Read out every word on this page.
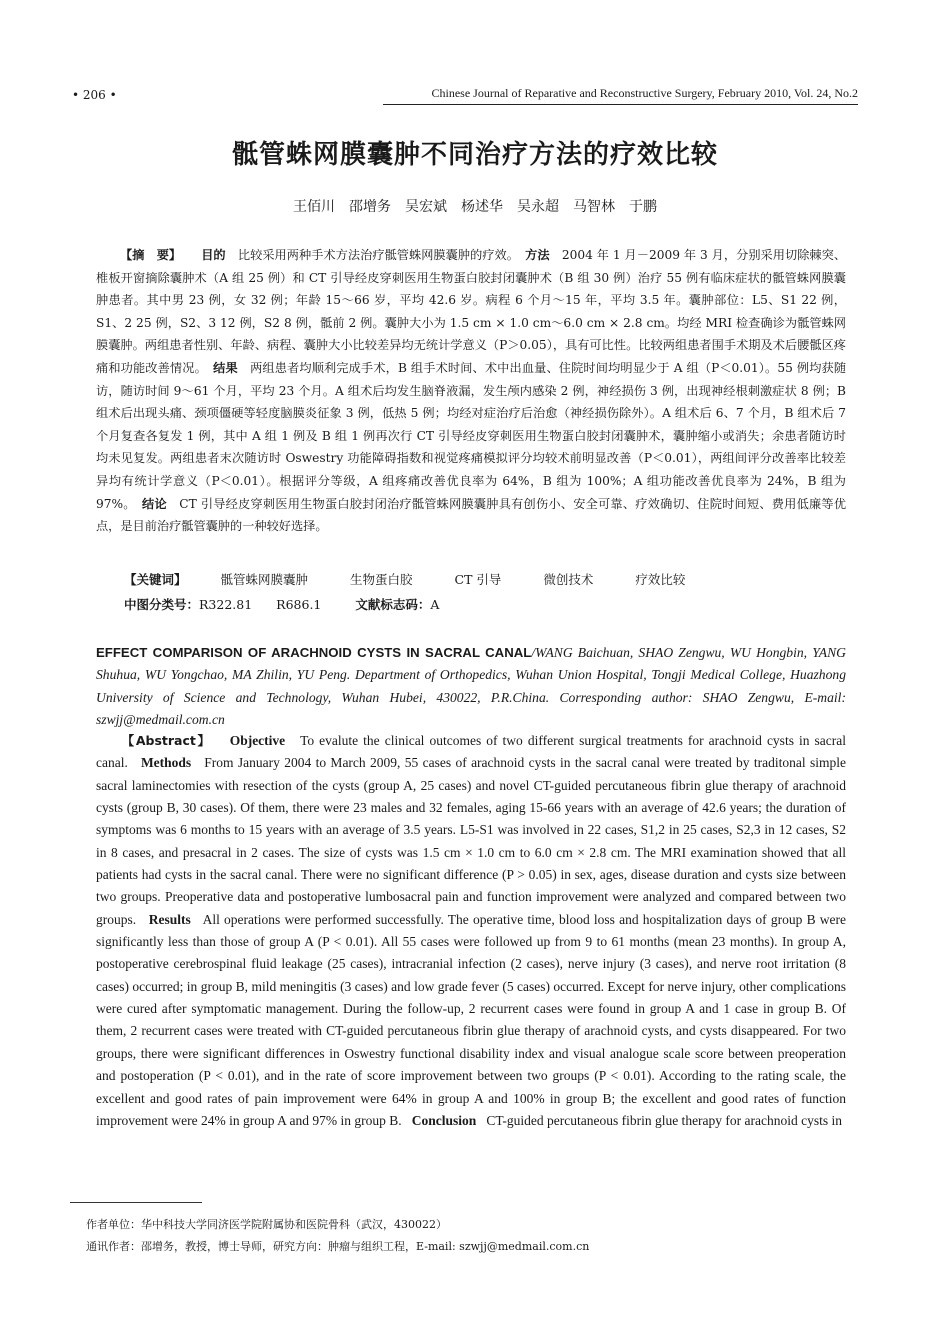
• 206 •	Chinese Journal of Reparative and Reconstructive Surgery, February 2010, Vol. 24, No.2
骶管蛛网膜囊肿不同治疗方法的疗效比较
王佰川　邵增务　吴宏斌　杨述华　吴永超　马智林　于鹏
【摘　要】 目的　 比较采用两种手术方法治疗骶管蛛网膜囊肿的疗效。　 方法　 2004 年 1 月－2009 年 3 月，分别采用切除棘突、椎板开窗摘除囊肿术（A 组 25 例）和 CT 引导经皮穿刺医用生物蛋白胶封闭囊肿术（B 组 30 例）治疗 55 例有临床症状的骶管蛛网膜囊肿患者。其中男 23 例，女 32 例；年龄 15～66 岁，平均 42.6 岁。病程 6 个月～15 年，平均 3.5 年。囊肿部位：L5、S1 22 例，S1、2 25 例，S2、3 12 例，S2 8 例，骶前 2 例。囊肿大小为 1.5 cm × 1.0 cm～6.0 cm × 2.8 cm。均经 MRI 检查确诊为骶管蛛网膜囊肿。两组患者性别、年龄、病程、囊肿大小比较差异均无统计学意义（P＞0.05），具有可比性。比较两组患者围手术期及术后腰骶区疼痛和功能改善情况。　 结果　 两组患者均顺利完成手术，B 组手术时间、术中出血量、住院时间均明显少于 A 组（P＜0.01）。55 例均获随访，随访时间 9～61 个月，平均 23 个月。A 组术后均发生脑脊液漏，发生颅内感染 2 例，神经损伤 3 例，出现神经根刺激症状 8 例；B 组术后出现头痛、颈项僵硬等轻度脑膜炎征象 3 例，低热 5 例；均经对症治疗后治愈（神经损伤除外）。A 组术后 6、7 个月，B 组术后 7 个月复查各复发 1 例，其中 A 组 1 例及 B 组 1 例再次行 CT 引导经皮穿刺医用生物蛋白胶封闭囊肿术，囊肿缩小或消失；余患者随访时均未见复发。两组患者末次随访时 Oswestry 功能障碍指数和视觉疼痛模拟评分均较术前明显改善（P＜0.01），两组间评分改善率比较差异均有统计学意义（P＜0.01）。根据评分等级，A 组疼痛改善优良率为 64%，B 组为 100%；A 组功能改善优良率为 24%，B 组为 97%。　 结论　 CT 引导经皮穿刺医用生物蛋白胶封闭治疗骶管蛛网膜囊肿具有创伤小、安全可靠、疗效确切、住院时间短、费用低廉等优点，是目前治疗骶管囊肿的一种较好选择。
【关键词】	骶管蛛网膜囊肿	生物蛋白胶	CT 引导	微创技术	疗效比较
中图分类号：R322.81 R686.1	文献标志码：A
EFFECT COMPARISON OF ARACHNOID CYSTS IN SACRAL CANAL/WANG Baichuan, SHAO Zengwu, WU Hongbin, YANG Shuhua, WU Yongchao, MA Zhilin, YU Peng. Department of Orthopedics, Wuhan Union Hospital, Tongji Medical College, Huazhong University of Science and Technology, Wuhan Hubei, 430022, P.R.China. Corresponding author: SHAO Zengwu, E-mail: szwjj@medmail.com.cn
【Abstract】 Objective To evalute the clinical outcomes of two different surgical treatments for arachnoid cysts in sacral canal. Methods From January 2004 to March 2009, 55 cases of arachnoid cysts in the sacral canal were treated by traditonal simple sacral laminectomies with resection of the cysts (group A, 25 cases) and novel CT-guided percutaneous fibrin glue therapy of arachnoid cysts (group B, 30 cases). Of them, there were 23 males and 32 females, aging 15-66 years with an average of 42.6 years; the duration of symptoms was 6 months to 15 years with an average of 3.5 years. L5-S1 was involved in 22 cases, S1,2 in 25 cases, S2,3 in 12 cases, S2 in 8 cases, and presacral in 2 cases. The size of cysts was 1.5 cm × 1.0 cm to 6.0 cm × 2.8 cm. The MRI examination showed that all patients had cysts in the sacral canal. There were no significant difference (P > 0.05) in sex, ages, disease duration and cysts size between two groups. Preoperative data and postoperative lumbosacral pain and function improvement were analyzed and compared between two groups. Results All operations were performed successfully. The operative time, blood loss and hospitalization days of group B were significantly less than those of group A (P < 0.01). All 55 cases were followed up from 9 to 61 months (mean 23 months). In group A, postoperative cerebrospinal fluid leakage (25 cases), intracranial infection (2 cases), nerve injury (3 cases), and nerve root irritation (8 cases) occurred; in group B, mild meningitis (3 cases) and low grade fever (5 cases) occurred. Except for nerve injury, other complications were cured after symptomatic management. During the follow-up, 2 recurrent cases were found in group A and 1 case in group B. Of them, 2 recurrent cases were treated with CT-guided percutaneous fibrin glue therapy of arachnoid cysts, and cysts disappeared. For two groups, there were significant differences in Oswestry functional disability index and visual analogue scale score between preoperation and postoperation (P < 0.01), and in the rate of score improvement between two groups (P < 0.01). According to the rating scale, the excellent and good rates of pain improvement were 64% in group A and 100% in group B; the excellent and good rates of function improvement were 24% in group A and 97% in group B. Conclusion CT-guided percutaneous fibrin glue therapy for arachnoid cysts in
作者单位：华中科技大学同济医学院附属协和医院骨科（武汉，430022）
通讯作者：邵增务，教授，博士导师，研究方向：肿瘤与组织工程，E-mail: szwjj@medmail.com.cn
